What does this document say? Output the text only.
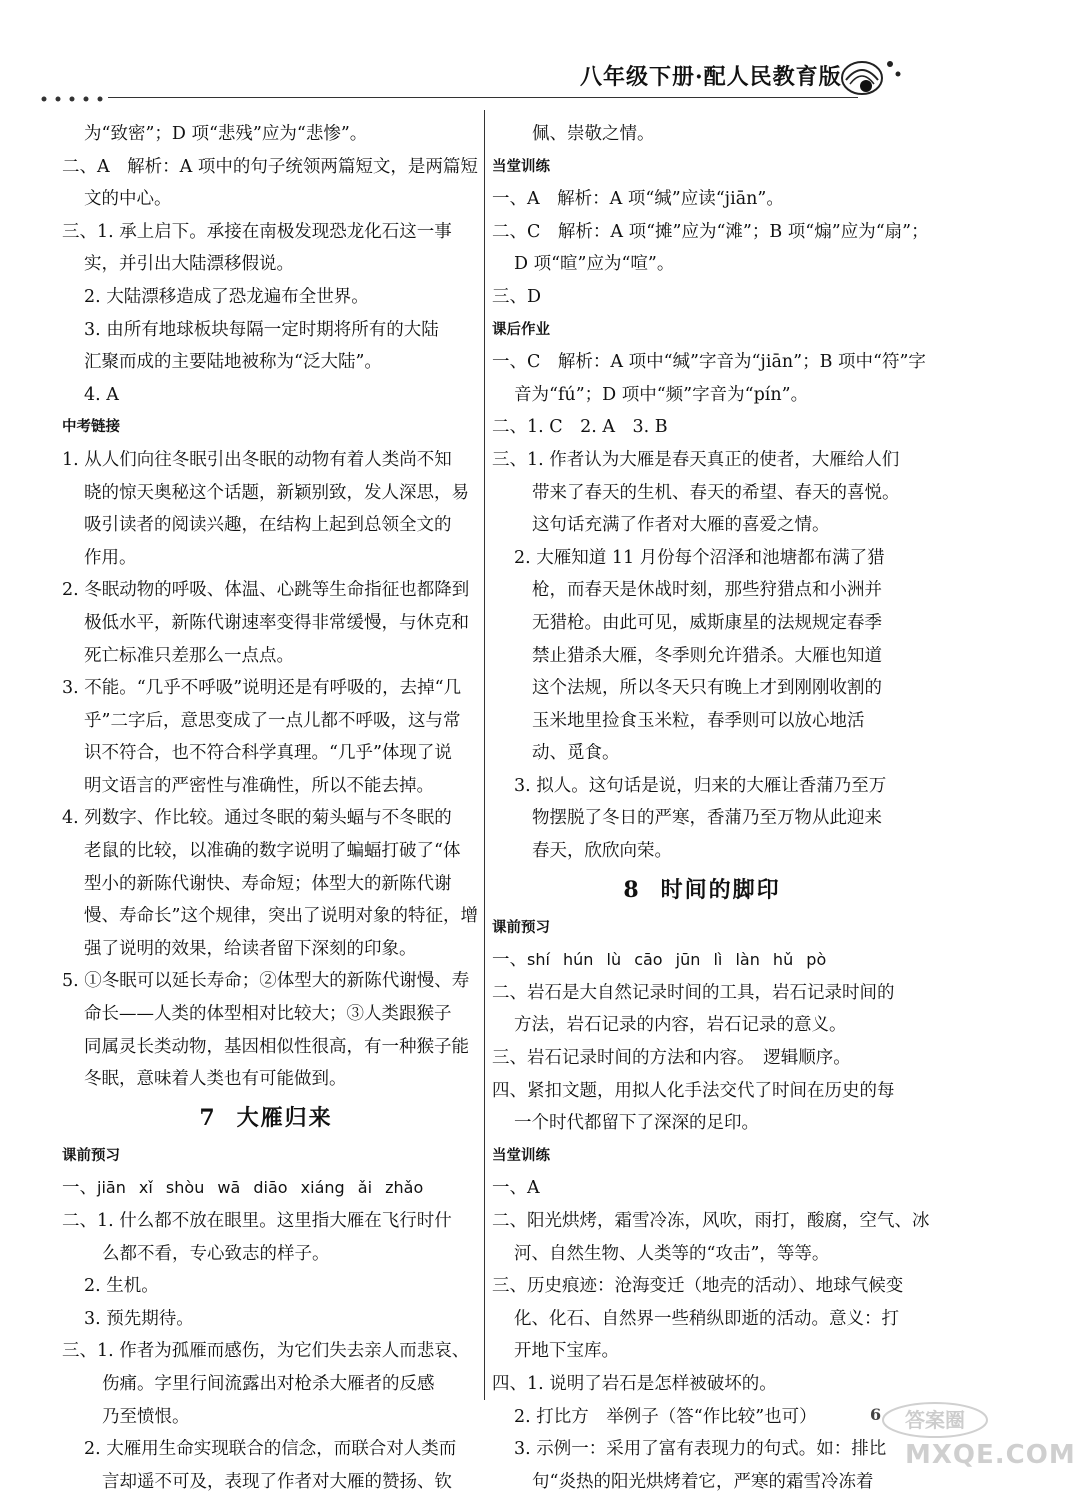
八年级下册·配人民教育版
为“致密”；D 项“悲残”应为“悲惨”。
二、A　解析：A 项中的句子统领两篇短文，是两篇短
文的中心。
三、1. 承上启下。承接在南极发现恐龙化石这一事
实，并引出大陆漂移假说。
2. 大陆漂移造成了恐龙遍布全世界。
3. 由所有地球板块每隔一定时期将所有的大陆
汇聚而成的主要陆地被称为“泛大陆”。
4. A
中考链接
1. 从人们向往冬眠引出冬眠的动物有着人类尚不知
晓的惊天奥秘这个话题，新颖别致，发人深思，易
吸引读者的阅读兴趣，在结构上起到总领全文的
作用。
2. 冬眠动物的呼吸、体温、心跳等生命指征也都降到
极低水平，新陈代谢速率变得非常缓慢，与休克和
死亡标准只差那么一点点。
3. 不能。“几乎不呼吸”说明还是有呼吸的，去掉“几
乎”二字后，意思变成了一点儿都不呼吸，这与常
识不符合，也不符合科学真理。“几乎”体现了说
明文语言的严密性与准确性，所以不能去掉。
4. 列数字、作比较。通过冬眠的菊头蝠与不冬眠的
老鼠的比较，以准确的数字说明了蝙蝠打破了“体
型小的新陈代谢快、寿命短；体型大的新陈代谢
慢、寿命长”这个规律，突出了说明对象的特征，增
强了说明的效果，给读者留下深刻的印象。
5. ①冬眠可以延长寿命；②体型大的新陈代谢慢、寿
命长——人类的体型相对比较大；③人类跟猴子
同属灵长类动物，基因相似性很高，有一种猴子能
冬眠，意味着人类也有可能做到。
7 大雁归来
课前预习
一、jiān xǐ shòu wā diāo xiáng ǎi zhǎo
二、1. 什么都不放在眼里。这里指大雁在飞行时什
么都不看，专心致志的样子。
2. 生机。
3. 预先期待。
三、1. 作者为孤雁而感伤，为它们失去亲人而悲哀、
伤痛。字里行间流露出对枪杀大雁者的反感
乃至愤恨。
2. 大雁用生命实现联合的信念，而联合对人类而
言却遥不可及，表现了作者对大雁的赞扬、钦
佩、崇敬之情。
当堂训练
一、A　解析：A 项“缄”应读“jiān”。
二、C　解析：A 项“摊”应为“滩”；B 项“煽”应为“扇”；
D 项“暄”应为“喧”。
三、D
课后作业
一、C　解析：A 项中“缄”字音为“jiān”；B 项中“符”字
音为“fú”；D 项中“频”字音为“pín”。
二、1. C　2. A　3. B
三、1. 作者认为大雁是春天真正的使者，大雁给人们
带来了春天的生机、春天的希望、春天的喜悦。
这句话充满了作者对大雁的喜爱之情。
2. 大雁知道 11 月份每个沼泽和池塘都布满了猎
枪，而春天是休战时刻，那些狩猎点和小洲并
无猎枪。由此可见，威斯康星的法规规定春季
禁止猎杀大雁，冬季则允许猎杀。大雁也知道
这个法规，所以冬天只有晚上才到刚刚收割的
玉米地里捡食玉米粒，春季则可以放心地活
动、觅食。
3. 拟人。这句话是说，归来的大雁让香蒲乃至万
物摆脱了冬日的严寒，香蒲乃至万物从此迎来
春天，欣欣向荣。
8 时间的脚印
课前预习
一、shí hún lù cāo jūn lì làn hǔ pò
二、岩石是大自然记录时间的工具，岩石记录时间的
方法，岩石记录的内容，岩石记录的意义。
三、岩石记录时间的方法和内容。　逻辑顺序。
四、紧扣文题，用拟人化手法交代了时间在历史的每
一个时代都留下了深深的足印。
当堂训练
一、A
二、阳光烘烤，霜雪冷冻，风吹，雨打，酸腐，空气、冰
河、自然生物、人类等的“攻击”，等等。
三、历史痕迹：沧海变迁（地壳的活动）、地球气候变
化、化石、自然界一些稍纵即逝的活动。意义：打
开地下宝库。
四、1. 说明了岩石是怎样被破坏的。
2. 打比方　举例子（答“作比较”也可）
3. 示例一：采用了富有表现力的句式。如：排比
句“炎热的阳光烘烤着它，严寒的霜雪冷冻着
答案圈
6
MXQE.COM
